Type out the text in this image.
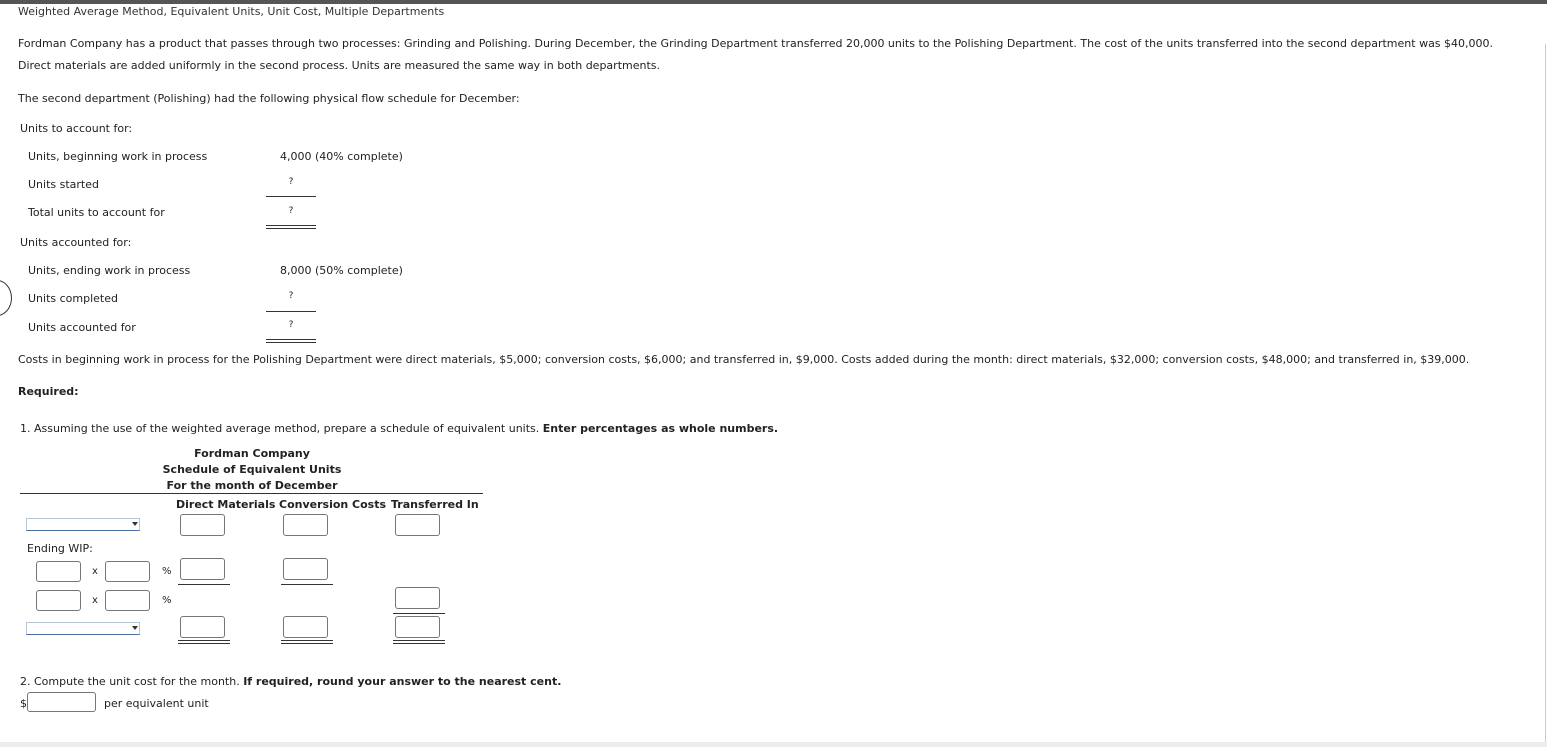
Weighted Average Method, Equivalent Units, Unit Cost, Multiple Departments
Fordman Company has a product that passes through two processes: Grinding and Polishing. During December, the Grinding Department transferred 20,000 units to the Polishing Department. The cost of the units transferred into the second department was $40,000.
Direct materials are added uniformly in the second process. Units are measured the same way in both departments.
The second department (Polishing) had the following physical flow schedule for December:
Units to account for:
Units, beginning work in process	4,000 (40% complete)
Units started	?
Total units to account for	?
Units accounted for:
Units, ending work in process	8,000 (50% complete)
Units completed	?
Units accounted for	?
Costs in beginning work in process for the Polishing Department were direct materials, $5,000; conversion costs, $6,000; and transferred in, $9,000. Costs added during the month: direct materials, $32,000; conversion costs, $48,000; and transferred in, $39,000.
Required:
1. Assuming the use of the weighted average method, prepare a schedule of equivalent units. Enter percentages as whole numbers.
Fordman Company
Schedule of Equivalent Units
For the month of December
Direct Materials Conversion Costs Transferred In
Ending WIP:
x	%
x	%
2. Compute the unit cost for the month. If required, round your answer to the nearest cent.
$	per equivalent unit
